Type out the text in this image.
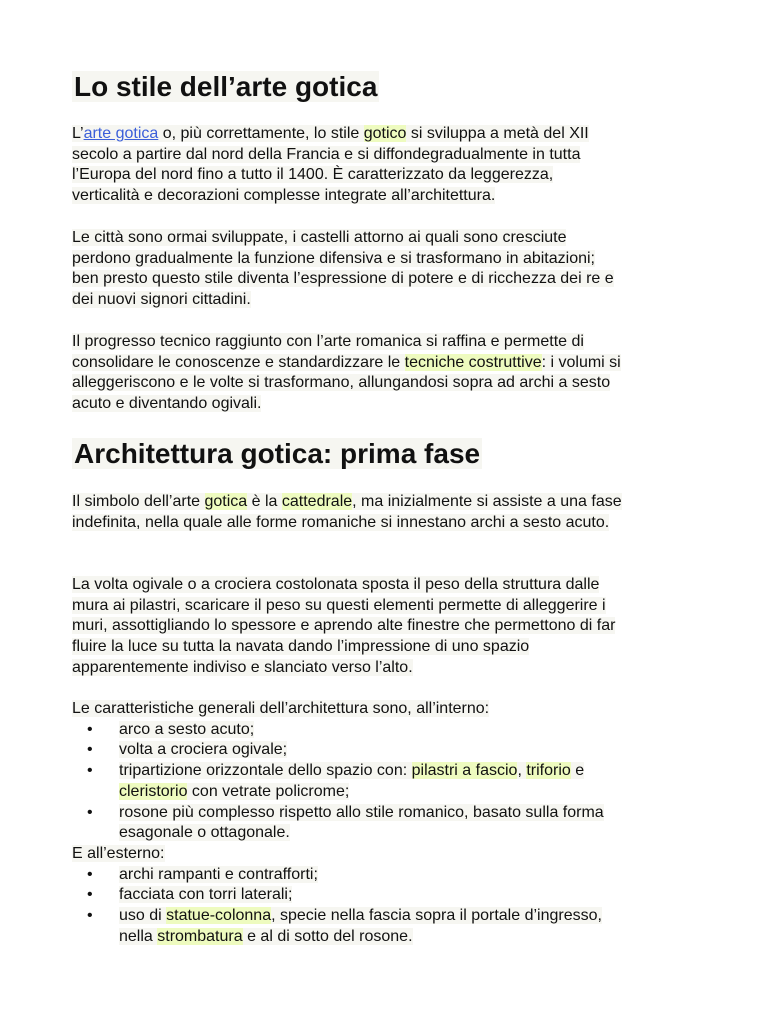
Lo stile dell’arte gotica
L’arte gotica o, più correttamente, lo stile gotico si sviluppa a metà del XII
secolo a partire dal nord della Francia e si diffondegradualmente in tutta
l’Europa del nord fino a tutto il 1400. È caratterizzato da leggerezza,
verticalità e decorazioni complesse integrate all’architettura.
Le città sono ormai sviluppate, i castelli attorno ai quali sono cresciute
perdono gradualmente la funzione difensiva e si trasformano in abitazioni;
ben presto questo stile diventa l’espressione di potere e di ricchezza dei re e
dei nuovi signori cittadini.
Il progresso tecnico raggiunto con l’arte romanica si raffina e permette di
consolidare le conoscenze e standardizzare le tecniche costruttive: i volumi si
alleggeriscono e le volte si trasformano, allungandosi sopra ad archi a sesto
acuto e diventando ogivali.
Architettura gotica: prima fase
Il simbolo dell’arte gotica è la cattedrale, ma inizialmente si assiste a una fase
indefinita, nella quale alle forme romaniche si innestano archi a sesto acuto.
La volta ogivale o a crociera costolonata sposta il peso della struttura dalle
mura ai pilastri, scaricare il peso su questi elementi permette di alleggerire i
muri, assottigliando lo spessore e aprendo alte finestre che permettono di far
fluire la luce su tutta la navata dando l’impressione di uno spazio
apparentemente indiviso e slanciato verso l’alto.
Le caratteristiche generali dell’architettura sono, all’interno:
• arco a sesto acuto;
• volta a crociera ogivale;
• tripartizione orizzontale dello spazio con: pilastri a fascio, triforio e
cleristorio con vetrate policrome;
• rosone più complesso rispetto allo stile romanico, basato sulla forma
esagonale o ottagonale.
E all’esterno:
• archi rampanti e contrafforti;
• facciata con torri laterali;
• uso di statue-colonna, specie nella fascia sopra il portale d’ingresso,
nella strombatura e al di sotto del rosone.
